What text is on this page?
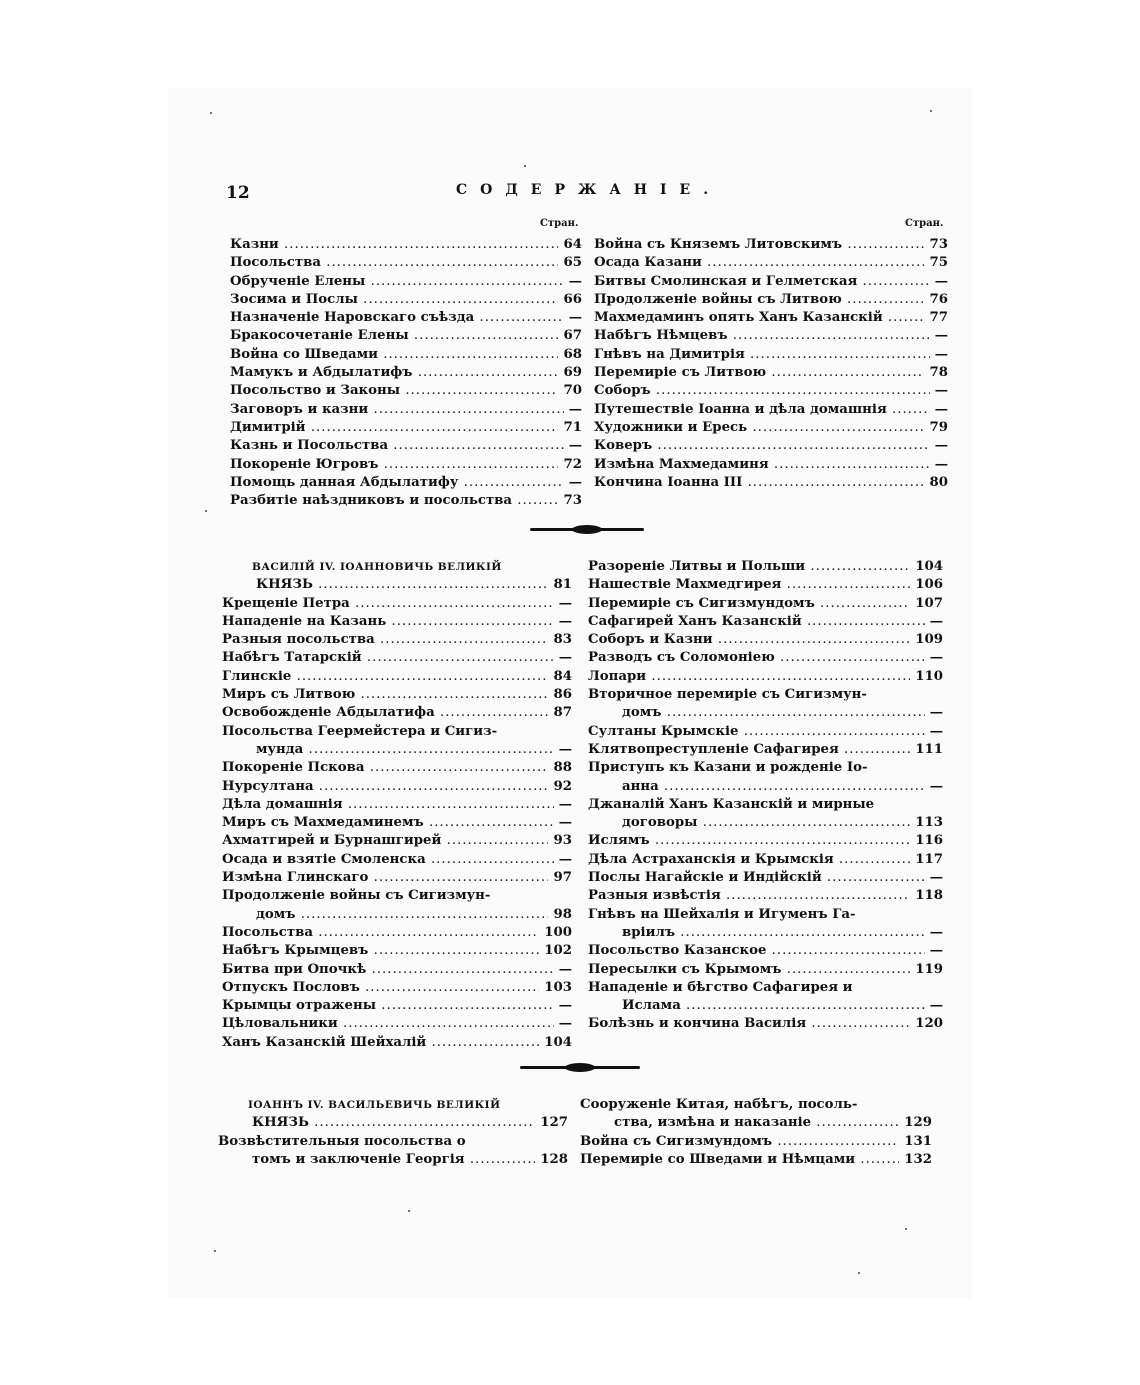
12	СОДЕРЖАНІЕ.
Стран.	Стран.
Казни .....	64
Посольства .....	65
Обрученіе Елены .....	—
Зосима и Послы .....	66
Назначеніе Наровскаго съѣзда .....	—
Бракосочетаніе Елены .....	67
Война со Шведами .....	68
Мамукъ и Абдылатифъ .....	69
Посольство и Законы .....	70
Заговоръ и казни .....	—
Димитрій .....	71
Казнь и Посольства .....	—
Покореніе Югровъ .....	72
Помощь данная Абдылатифу .....	—
Разбитіе наѣздниковъ и посольства .....	73
Война съ Княземъ Литовскимъ .....	73
Осада Казани .....	75
Битвы Смолинская и Гелметская .....	—
Продолженіе войны съ Литвою .....	76
Махмедаминъ опять Ханъ Казанскій .....	77
Набѣгъ Нѣмцевъ .....	—
Гнѣвъ на Димитрія .....	—
Перемиріе съ Литвою .....	78
Соборъ .....	—
Путешествіе Іоанна и дѣла домашнія .....	—
Художники и Ересь .....	79
Коверъ .....	—
Измѣна Махмедаминя .....	—
Кончина Іоанна III .....	80
ВАСИЛІЙ IV. ІОАННОВИЧЬ ВЕЛИКІЙ
КНЯЗЬ .....	81
Крещеніе Петра .....	—
Нападеніе на Казань .....	—
Разныя посольства .....	83
Набѣгъ Татарскій .....	—
Глинскіе .....	84
Миръ съ Литвою .....	86
Освобожденіе Абдылатифа .....	87
Посольства Геермейстера и Сигиз-
мунда .....	—
Покореніе Пскова .....	88
Нурсултана .....	92
Дѣла домашнія .....	—
Миръ съ Махмедаминемъ .....	—
Ахматгирей и Бурнашгирей .....	93
Осада и взятіе Смоленска .....	—
Измѣна Глинскаго .....	97
Продолженіе войны съ Сигизмун-
домъ .....	98
Посольства .....	100
Набѣгъ Крымцевъ .....	102
Битва при Опочкѣ .....	—
Отпускъ Пословъ .....	103
Крымцы отражены .....	—
Цѣловальники .....	—
Ханъ Казанскій Шейхалій .....	104
Разореніе Литвы и Польши .....	104
Нашествіе Махмедгирея .....	106
Перемиріе съ Сигизмундомъ .....	107
Сафагирей Ханъ Казанскій .....	—
Соборъ и Казни .....	109
Разводъ съ Соломоніею .....	—
Лопари .....	110
Вторичное перемиріе съ Сигизмун-
домъ .....	—
Султаны Крымскіе .....	—
Клятвопреступленіе Сафагирея .....	111
Приступъ къ Казани и рожденіе Іо-
анна .....	—
Джаналій Ханъ Казанскій и мирные
договоры .....	113
Ислямъ .....	116
Дѣла Астраханскія и Крымскія .....	117
Послы Нагайскіе и Индійскій .....	—
Разныя извѣстія .....	118
Гнѣвъ на Шейхалія и Игуменъ Га-
вріилъ .....	—
Посольство Казанское .....	—
Пересылки съ Крымомъ .....	119
Нападеніе и бѣгство Сафагирея и
Ислама .....	—
Болѣзнь и кончина Василія .....	120
ІОАННЪ IV. ВАСИЛЬЕВИЧЬ ВЕЛИКІЙ
КНЯЗЬ .....	127
Возвѣстительныя посольства о
томъ и заключеніе Георгія .....	128
Сооруженіе Китая, набѣгъ, посоль-
ства, измѣна и наказаніе .....	129
Война съ Сигизмундомъ .....	131
Перемиріе со Шведами и Нѣмцами .....	132
